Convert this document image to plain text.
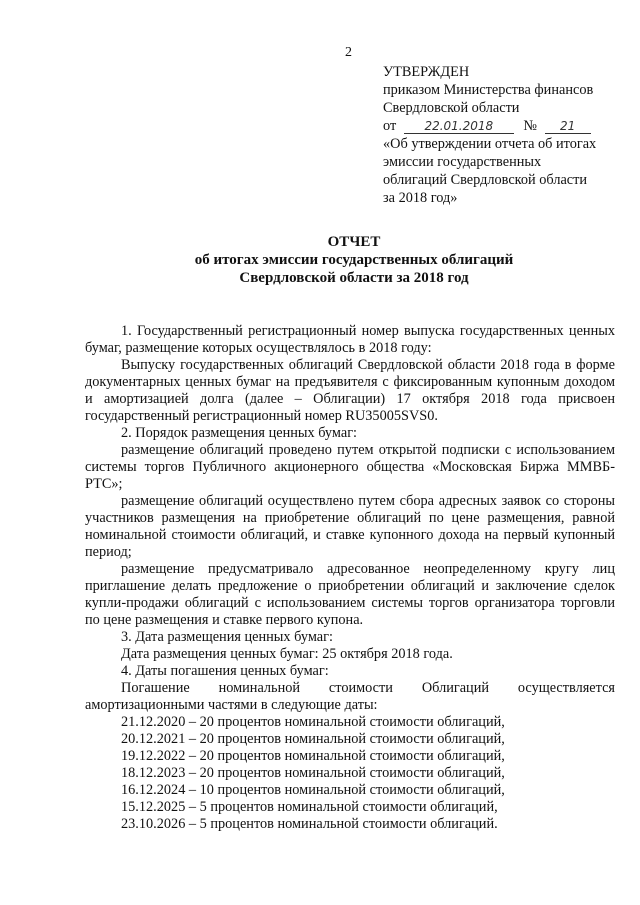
2
УТВЕРЖДЕН
приказом Министерства финансов
Свердловской области
от 22.01.2018 № 21
«Об утверждении отчета об итогах
эмиссии государственных
облигаций Свердловской области
за 2018 год»
ОТЧЕТ
об итогах эмиссии государственных облигаций
Свердловской области за 2018 год

1. Государственный регистрационный номер выпуска государственных ценных бумаг, размещение которых осуществлялось в 2018 году:

Выпуску государственных облигаций Свердловской области 2018 года в форме документарных ценных бумаг на предъявителя с фиксированным купонным доходом и амортизацией долга (далее – Облигации) 17 октября 2018 года присвоен государственный регистрационный номер RU35005SVS0.

2. Порядок размещения ценных бумаг:

размещение облигаций проведено путем открытой подписки с использованием системы торгов Публичного акционерного общества «Московская Биржа ММВБ-РТС»;

размещение облигаций осуществлено путем сбора адресных заявок со стороны участников размещения на приобретение облигаций по цене размещения, равной номинальной стоимости облигаций, и ставке купонного дохода на первый купонный период;

размещение предусматривало адресованное неопределенному кругу лиц приглашение делать предложение о приобретении облигаций и заключение сделок купли-продажи облигаций с использованием системы торгов организатора торговли по цене размещения и ставке первого купона.

3. Дата размещения ценных бумаг:

Дата размещения ценных бумаг: 25 октября 2018 года.

4. Даты погашения ценных бумаг:

Погашение номинальной стоимости Облигаций осуществляется амортизационными частями в следующие даты:

21.12.2020 – 20 процентов номинальной стоимости облигаций,
20.12.2021 – 20 процентов номинальной стоимости облигаций,
19.12.2022 – 20 процентов номинальной стоимости облигаций,
18.12.2023 – 20 процентов номинальной стоимости облигаций,
16.12.2024 – 10 процентов номинальной стоимости облигаций,
15.12.2025 – 5 процентов номинальной стоимости облигаций,
23.10.2026 – 5 процентов номинальной стоимости облигаций.
